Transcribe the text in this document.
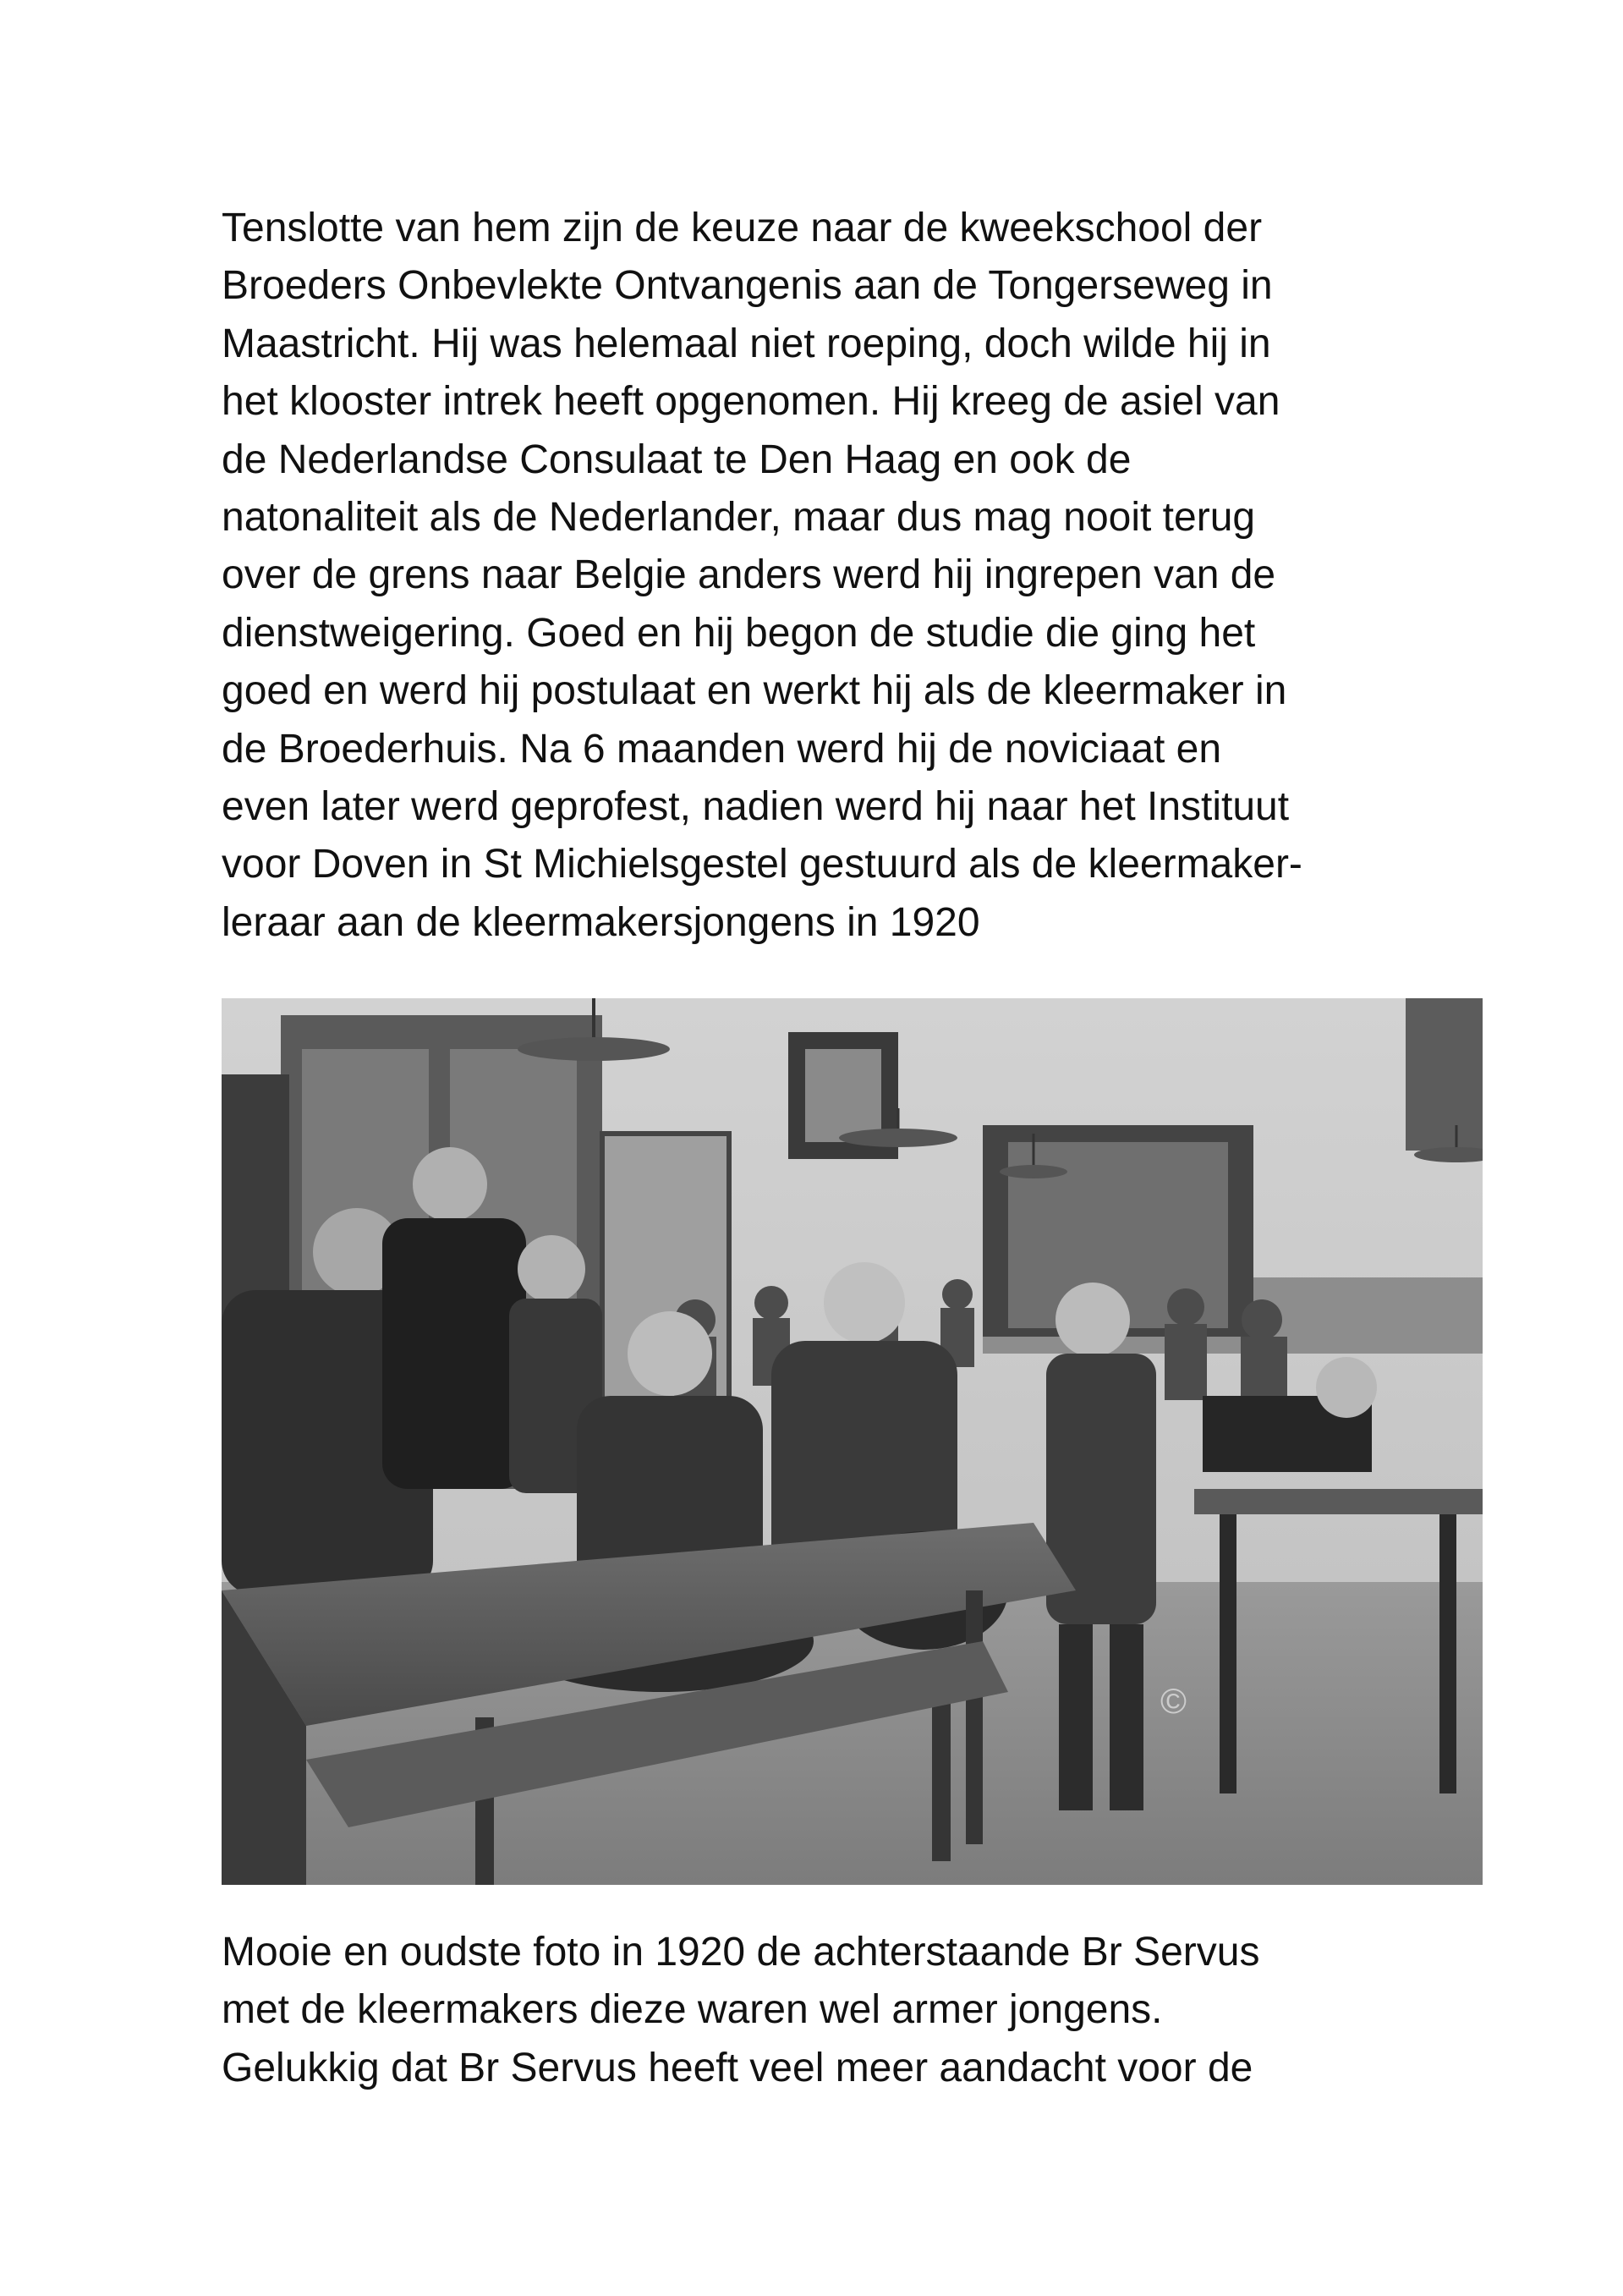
Tenslotte van hem zijn de keuze naar de kweekschool der
Broeders Onbevlekte Ontvangenis aan de Tongerseweg in
Maastricht. Hij was helemaal niet roeping, doch wilde hij in
het klooster intrek heeft opgenomen. Hij kreeg de asiel van
de Nederlandse Consulaat te Den Haag en ook de
natonaliteit als de Nederlander, maar dus mag nooit terug
over de grens naar Belgie anders werd hij ingrepen van de
dienstweigering. Goed en hij begon de studie die ging het
goed en werd hij postulaat en werkt hij als de kleermaker in
de Broederhuis. Na 6 maanden werd hij de noviciaat en
even later werd geprofest, nadien werd hij naar het Instituut
voor Doven in St Michielsgestel gestuurd als de kleermaker-
leraar aan de kleermakersjongens in 1920
©
Mooie en oudste foto in 1920 de achterstaande Br Servus
met de kleermakers dieze waren wel armer jongens.
Gelukkig dat Br Servus heeft veel meer aandacht voor de
